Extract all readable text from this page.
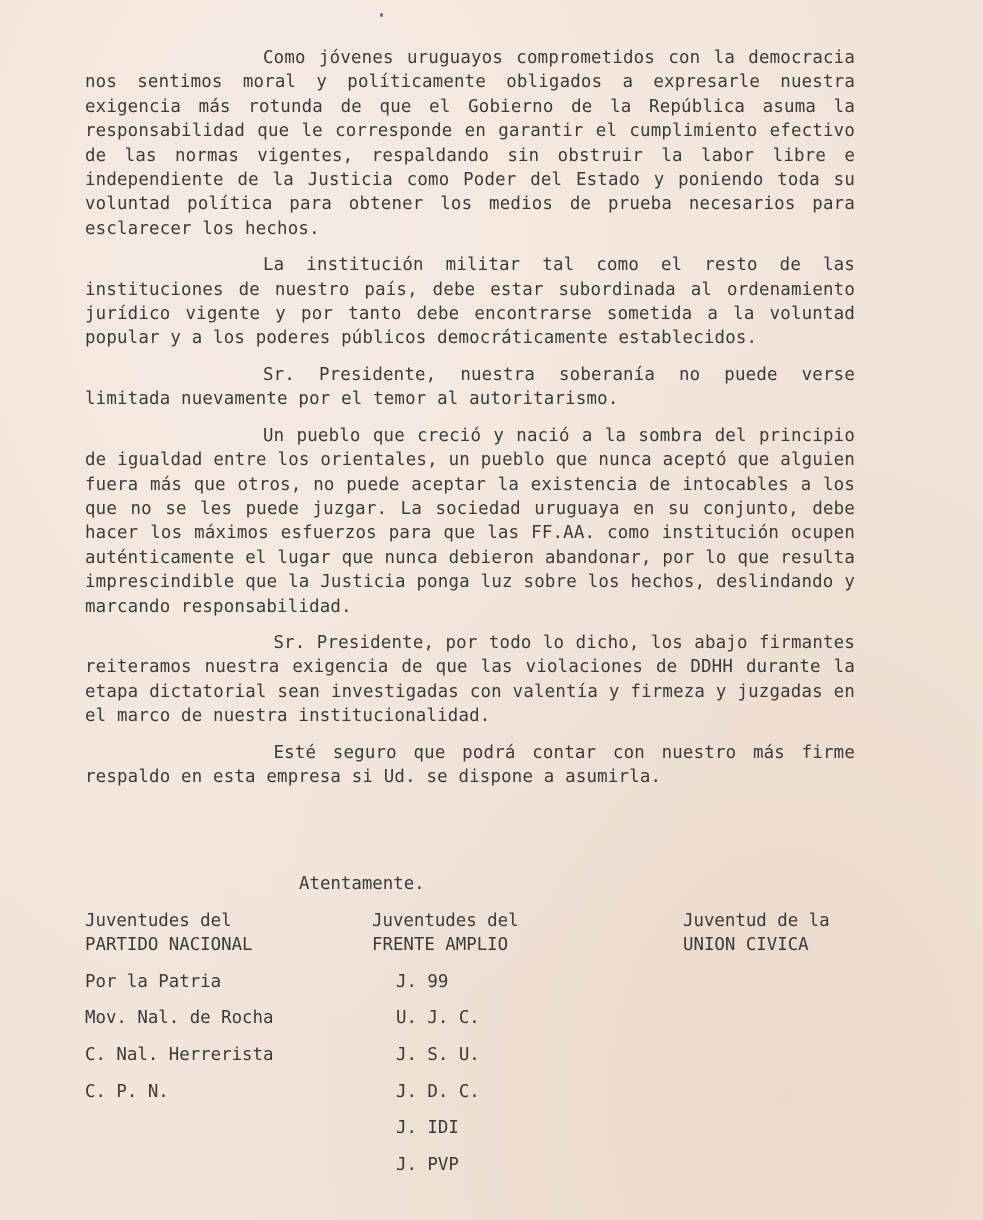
Como jóvenes uruguayos comprometidos con la democracia nos sentimos moral y políticamente obligados a expresarle nuestra exigencia más rotunda de que el Gobierno de la República asuma la responsabilidad que le corresponde en garantir el cumplimiento efectivo de las normas vigentes, respaldando sin obstruir la labor libre e independiente de la Justicia como Poder del Estado y poniendo toda su voluntad política para obtener los medios de prueba necesarios para esclarecer los hechos.

La institución militar tal como el resto de las instituciones de nuestro país, debe estar subordinada al ordenamiento jurídico vigente y por tanto debe encontrarse sometida a la voluntad popular y a los poderes públicos democráticamente establecidos.

Sr. Presidente, nuestra soberanía no puede verse limitada nuevamente por el temor al autoritarismo.

Un pueblo que creció y nació a la sombra del principio de igualdad entre los orientales, un pueblo que nunca aceptó que alguien fuera más que otros, no puede aceptar la existencia de intocables a los que no se les puede juzgar. La sociedad uruguaya en su conjunto, debe hacer los máximos esfuerzos para que las FF.AA. como institución ocupen auténticamente el lugar que nunca debieron abandonar, por lo que resulta imprescindible que la Justicia ponga luz sobre los hechos, deslindando y marcando responsabilidad.

Sr. Presidente, por todo lo dicho, los abajo firmantes reiteramos nuestra exigencia de que las violaciones de DDHH durante la etapa dictatorial sean investigadas con valentía y firmeza y juzgadas en el marco de nuestra institucionalidad.

Esté seguro que podrá contar con nuestro más firme respaldo en esta empresa si Ud. se dispone a asumirla.

Atentamente.

Juventudes del
PARTIDO NACIONAL

Por la Patria
Mov. Nal. de Rocha
C. Nal. Herrerista
C. P. N.

Juventudes del
FRENTE AMPLIO

J. 99
U. J. C.
J. S. U.
J. D. C.
J. IDI
J. PVP

Juventud de la
UNION CIVICA
